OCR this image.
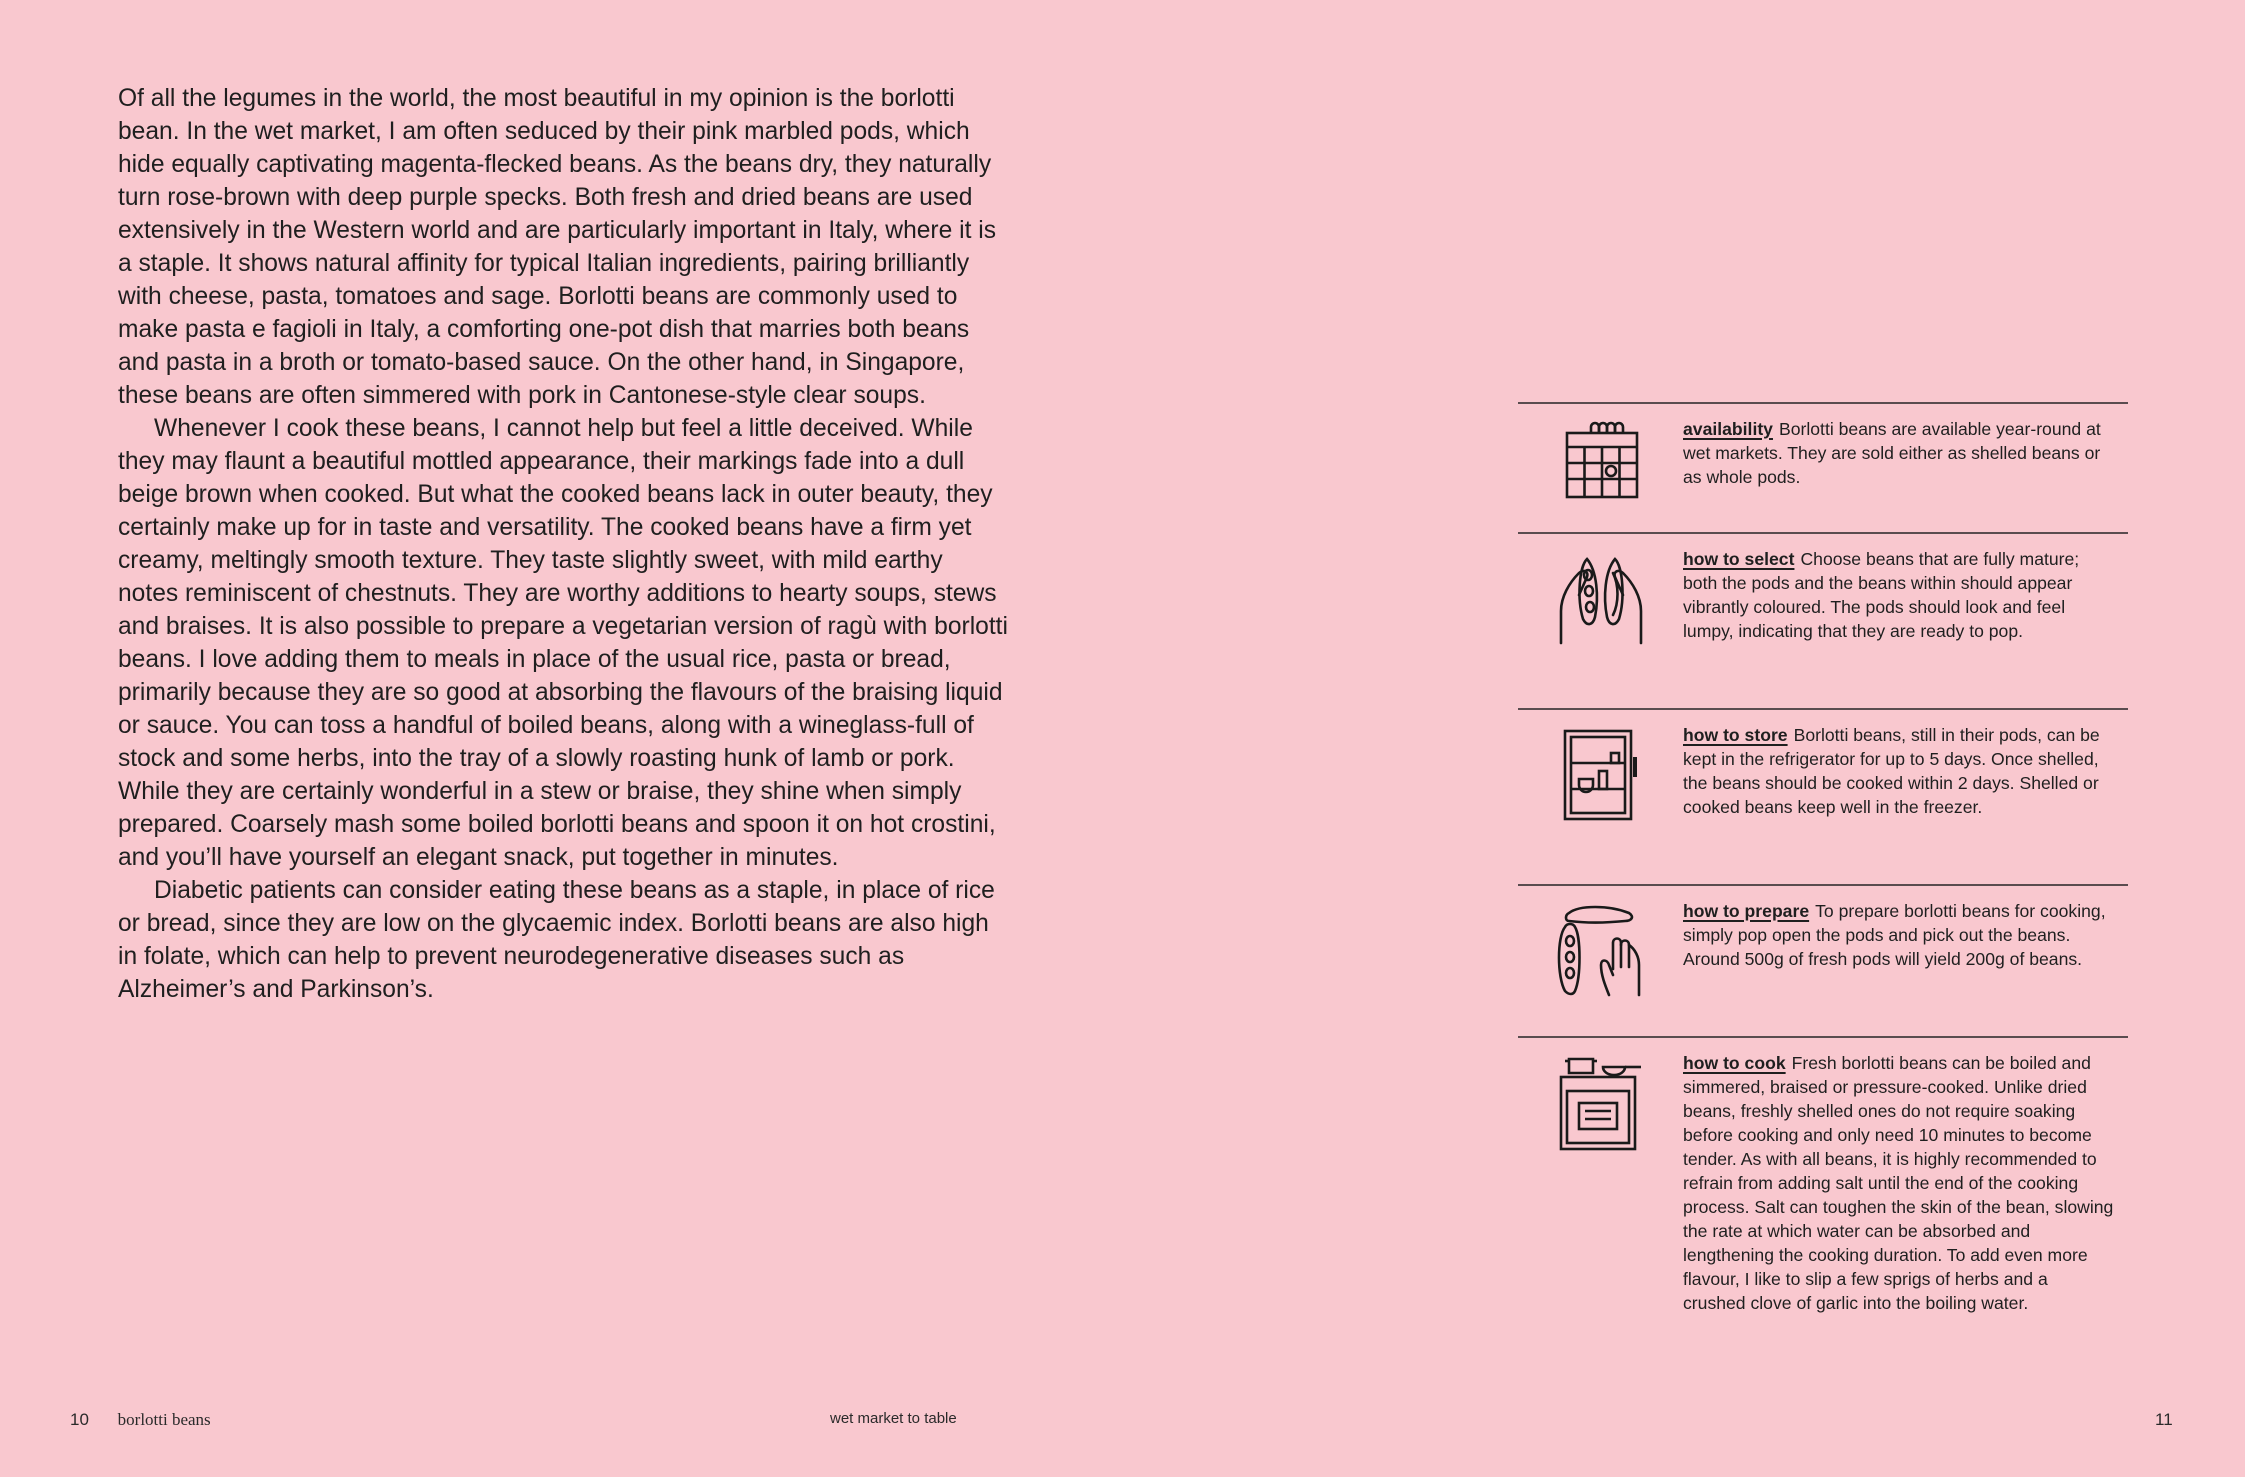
Of all the legumes in the world, the most beautiful in my opinion is the borlotti bean. In the wet market, I am often seduced by their pink marbled pods, which hide equally captivating magenta-flecked beans. As the beans dry, they naturally turn rose-brown with deep purple specks. Both fresh and dried beans are used extensively in the Western world and are particularly important in Italy, where it is a staple. It shows natural affinity for typical Italian ingredients, pairing brilliantly with cheese, pasta, tomatoes and sage. Borlotti beans are commonly used to make pasta e fagioli in Italy, a comforting one-pot dish that marries both beans and pasta in a broth or tomato-based sauce. On the other hand, in Singapore, these beans are often simmered with pork in Cantonese-style clear soups.

Whenever I cook these beans, I cannot help but feel a little deceived. While they may flaunt a beautiful mottled appearance, their markings fade into a dull beige brown when cooked. But what the cooked beans lack in outer beauty, they certainly make up for in taste and versatility. The cooked beans have a firm yet creamy, meltingly smooth texture. They taste slightly sweet, with mild earthy notes reminiscent of chestnuts. They are worthy additions to hearty soups, stews and braises. It is also possible to prepare a vegetarian version of ragù with borlotti beans. I love adding them to meals in place of the usual rice, pasta or bread, primarily because they are so good at absorbing the flavours of the braising liquid or sauce. You can toss a handful of boiled beans, along with a wineglass-full of stock and some herbs, into the tray of a slowly roasting hunk of lamb or pork. While they are certainly wonderful in a stew or braise, they shine when simply prepared. Coarsely mash some boiled borlotti beans and spoon it on hot crostini, and you’ll have yourself an elegant snack, put together in minutes.

Diabetic patients can consider eating these beans as a staple, in place of rice or bread, since they are low on the glycaemic index. Borlotti beans are also high in folate, which can help to prevent neurodegenerative diseases such as Alzheimer’s and Parkinson’s.

availability Borlotti beans are available year-round at wet markets. They are sold either as shelled beans or as whole pods.
how to select Choose beans that are fully mature; both the pods and the beans within should appear vibrantly coloured. The pods should look and feel lumpy, indicating that they are ready to pop.
how to store Borlotti beans, still in their pods, can be kept in the refrigerator for up to 5 days. Once shelled, the beans should be cooked within 2 days. Shelled or cooked beans keep well in the freezer.
how to prepare To prepare borlotti beans for cooking, simply pop open the pods and pick out the beans. Around 500g of fresh pods will yield 200g of beans.
how to cook Fresh borlotti beans can be boiled and simmered, braised or pressure-cooked. Unlike dried beans, freshly shelled ones do not require soaking before cooking and only need 10 minutes to become tender. As with all beans, it is highly recommended to refrain from adding salt until the end of the cooking process. Salt can toughen the skin of the bean, slowing the rate at which water can be absorbed and lengthening the cooking duration. To add even more flavour, I like to slip a few sprigs of herbs and a crushed clove of garlic into the boiling water.
10 borlotti beans	wet market to table	11
